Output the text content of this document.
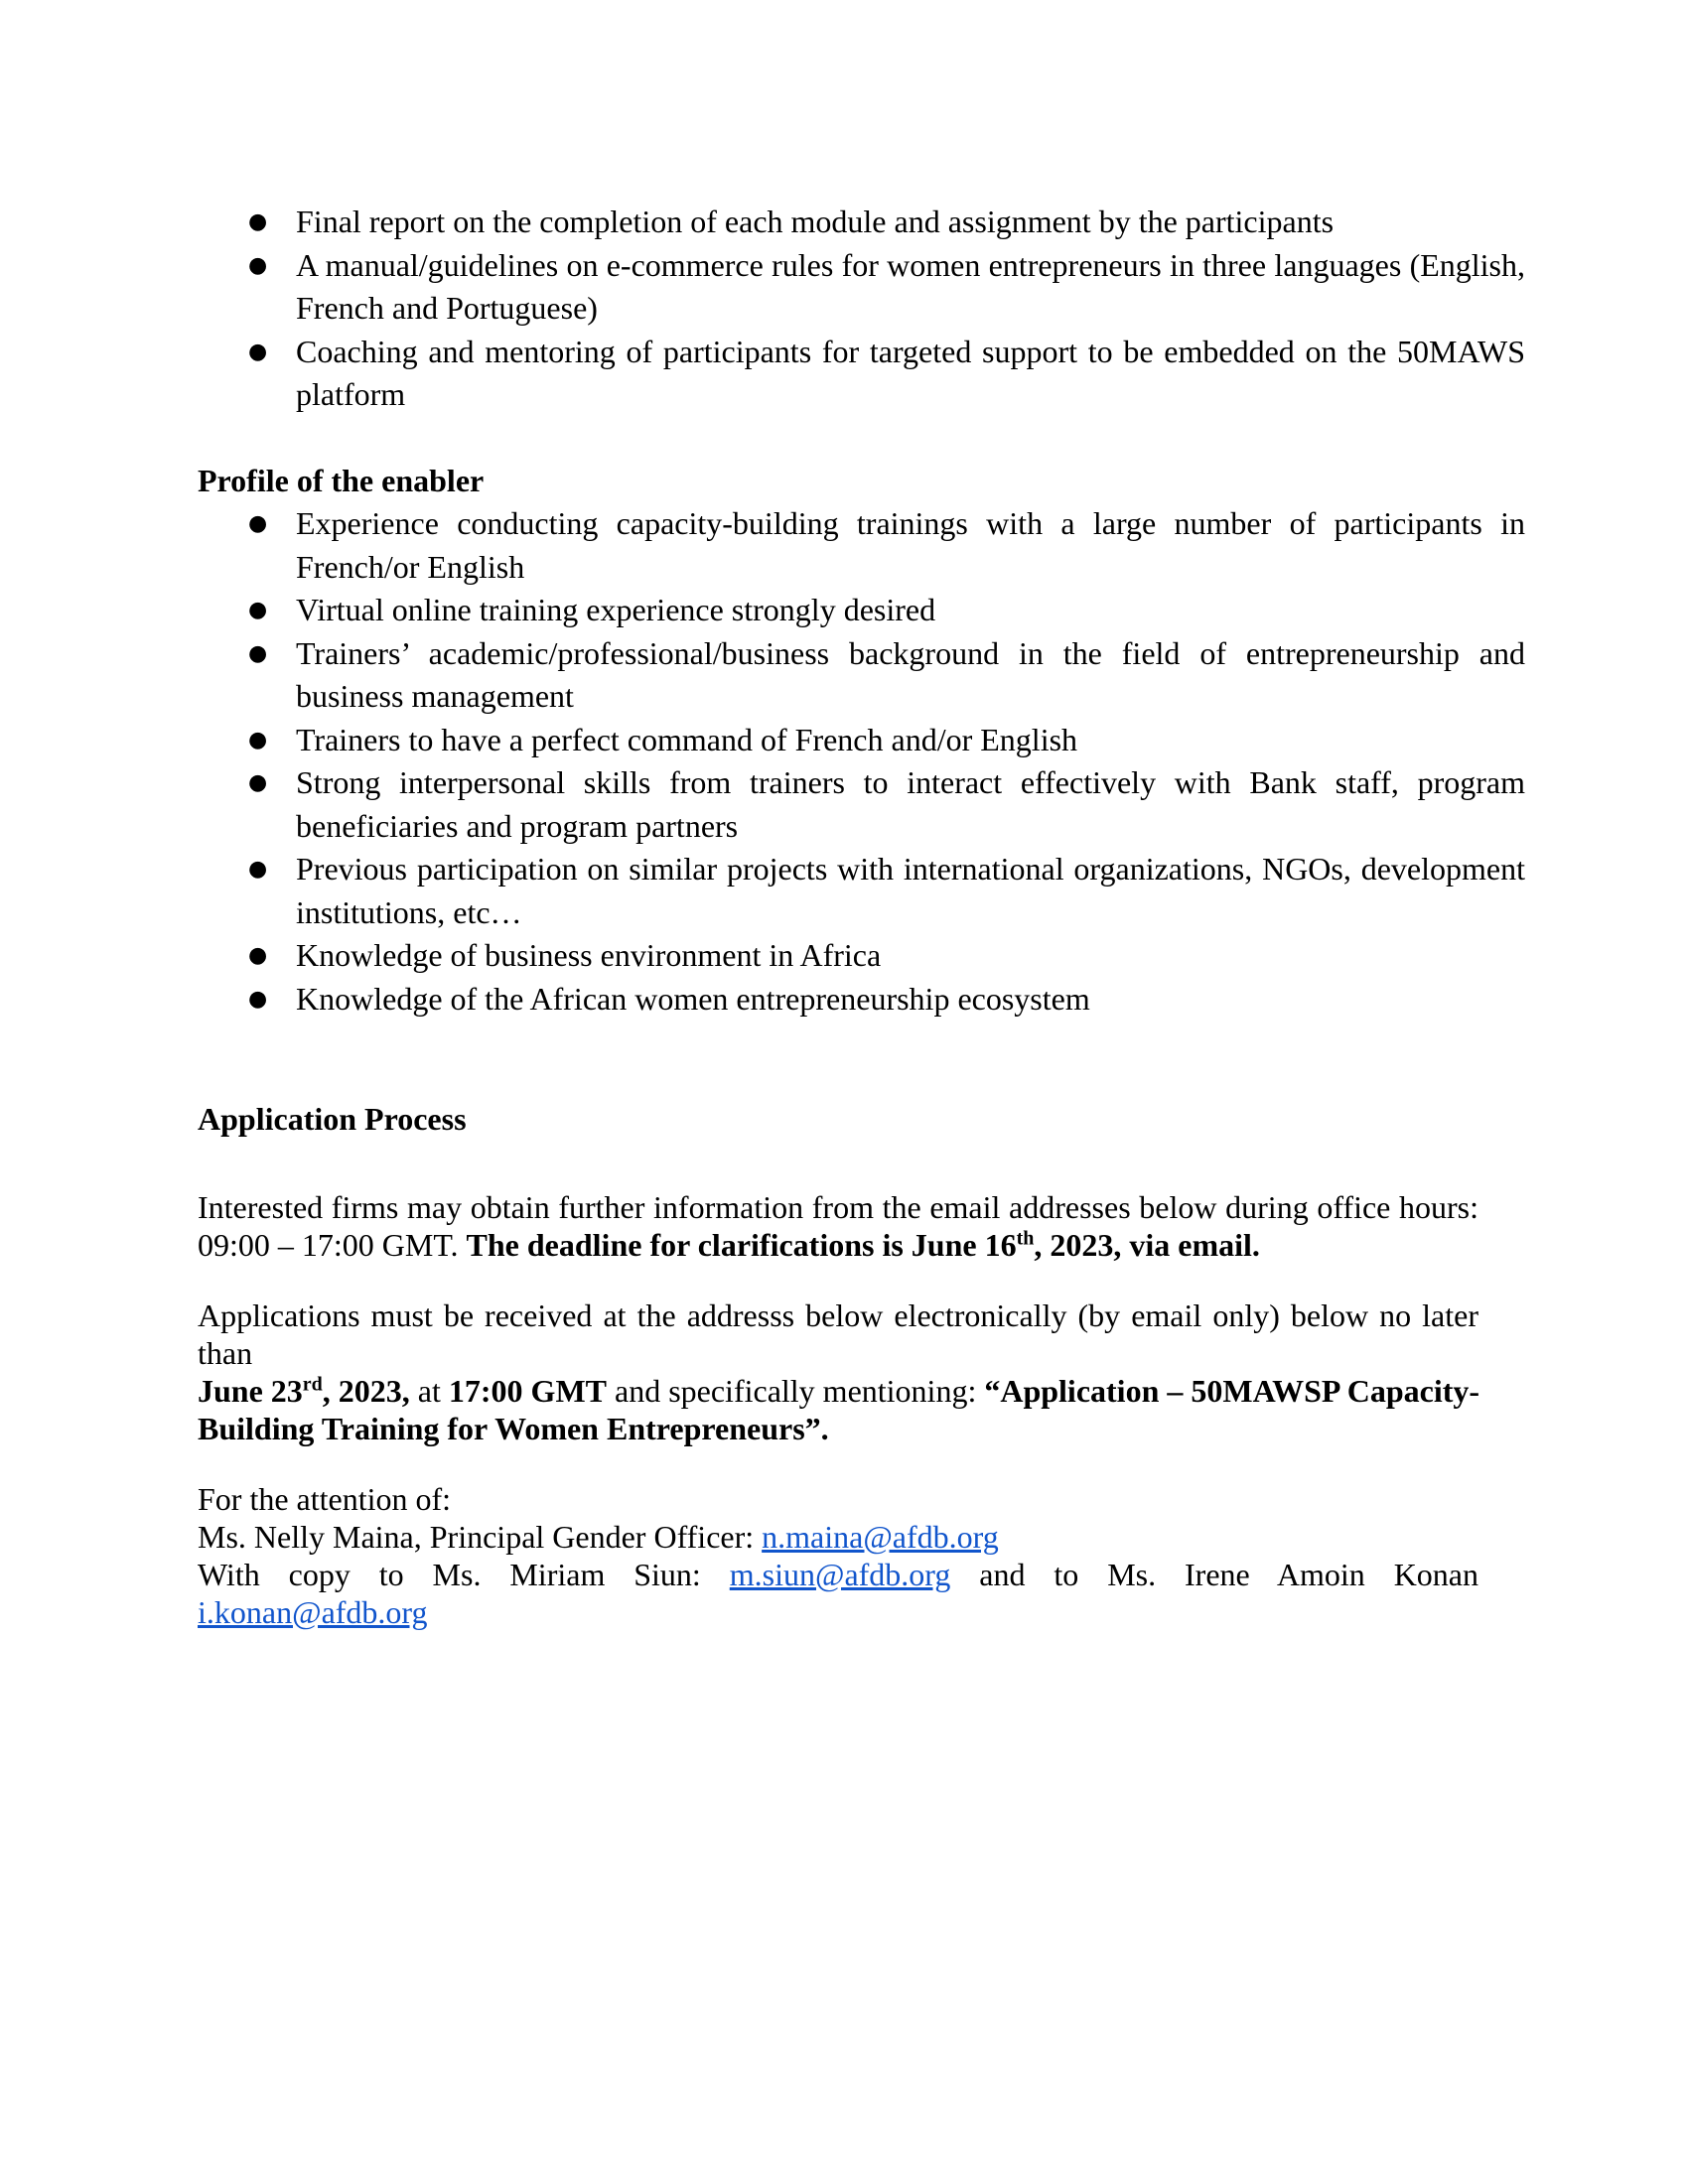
● Final report on the completion of each module and assignment by the participants
● A manual/guidelines on e-commerce rules for women entrepreneurs in three languages (English, French and Portuguese)
● Coaching and mentoring of participants for targeted support to be embedded on the 50MAWS platform

Profile of the enabler

● Experience conducting capacity-building trainings with a large number of participants in French/or English
● Virtual online training experience strongly desired
● Trainers’ academic/professional/business background in the field of entrepreneurship and business management
● Trainers to have a perfect command of French and/or English
● Strong interpersonal skills from trainers to interact effectively with Bank staff, program beneficiaries and program partners
● Previous participation on similar projects with international organizations, NGOs, development institutions, etc…
● Knowledge of business environment in Africa
● Knowledge of the African women entrepreneurship ecosystem

Application Process

Interested firms may obtain further information from the email addresses below during office hours: 09:00 – 17:00 GMT. The deadline for clarifications is June 16th, 2023, via email.

Applications must be received at the addresss below electronically (by email only) below no later than
June 23rd, 2023, at 17:00 GMT and specifically mentioning: “Application – 50MAWSP Capacity-Building Training for Women Entrepreneurs”.

For the attention of:
Ms. Nelly Maina, Principal Gender Officer: n.maina@afdb.org

With copy to Ms. Miriam Siun: m.siun@afdb.org and to Ms. Irene Amoin Konan
i.konan@afdb.org
